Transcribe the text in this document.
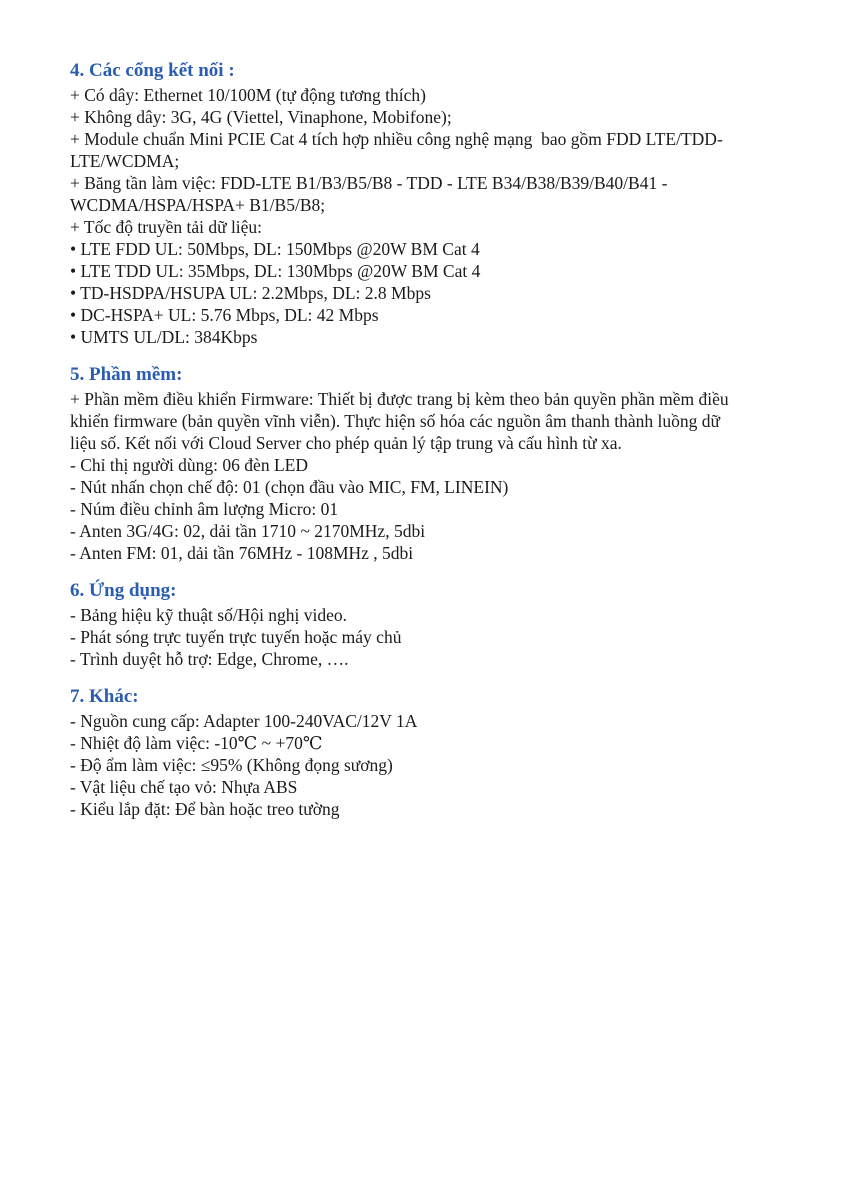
4. Các cổng kết nối :
+ Có dây: Ethernet 10/100M (tự động tương thích)
+ Không dây: 3G, 4G (Viettel, Vinaphone, Mobifone);
+ Module chuẩn Mini PCIE Cat 4 tích hợp nhiều công nghệ mạng  bao gồm FDD LTE/TDD-
LTE/WCDMA;
+ Băng tần làm việc: FDD-LTE B1/B3/B5/B8 - TDD - LTE B34/B38/B39/B40/B41 -
WCDMA/HSPA/HSPA+ B1/B5/B8;
+ Tốc độ truyền tải dữ liệu:
• LTE FDD UL: 50Mbps, DL: 150Mbps @20W BM Cat 4
• LTE TDD UL: 35Mbps, DL: 130Mbps @20W BM Cat 4
• TD-HSDPA/HSUPA UL: 2.2Mbps, DL: 2.8 Mbps
• DC-HSPA+ UL: 5.76 Mbps, DL: 42 Mbps
• UMTS UL/DL: 384Kbps
5. Phần mềm:
+ Phần mềm điều khiển Firmware: Thiết bị được trang bị kèm theo bản quyền phần mềm điều
khiển firmware (bản quyền vĩnh viễn). Thực hiện số hóa các nguồn âm thanh thành luồng dữ
liệu số. Kết nối với Cloud Server cho phép quản lý tập trung và cấu hình từ xa.
- Chỉ thị người dùng: 06 đèn LED
- Nút nhấn chọn chế độ: 01 (chọn đầu vào MIC, FM, LINEIN)
- Núm điều chỉnh âm lượng Micro: 01
- Anten 3G/4G: 02, dải tần 1710 ~ 2170MHz, 5dbi
- Anten FM: 01, dải tần 76MHz - 108MHz , 5dbi
6. Ứng dụng:
- Bảng hiệu kỹ thuật số/Hội nghị video.
- Phát sóng trực tuyến trực tuyến hoặc máy chủ
- Trình duyệt hỗ trợ: Edge, Chrome, ….
7. Khác:
- Nguồn cung cấp: Adapter 100-240VAC/12V 1A
- Nhiệt độ làm việc: -10℃ ~ +70℃
- Độ ẩm làm việc: ≤95% (Không đọng sương)
- Vật liệu chế tạo vỏ: Nhựa ABS
- Kiểu lắp đặt: Để bàn hoặc treo tường
